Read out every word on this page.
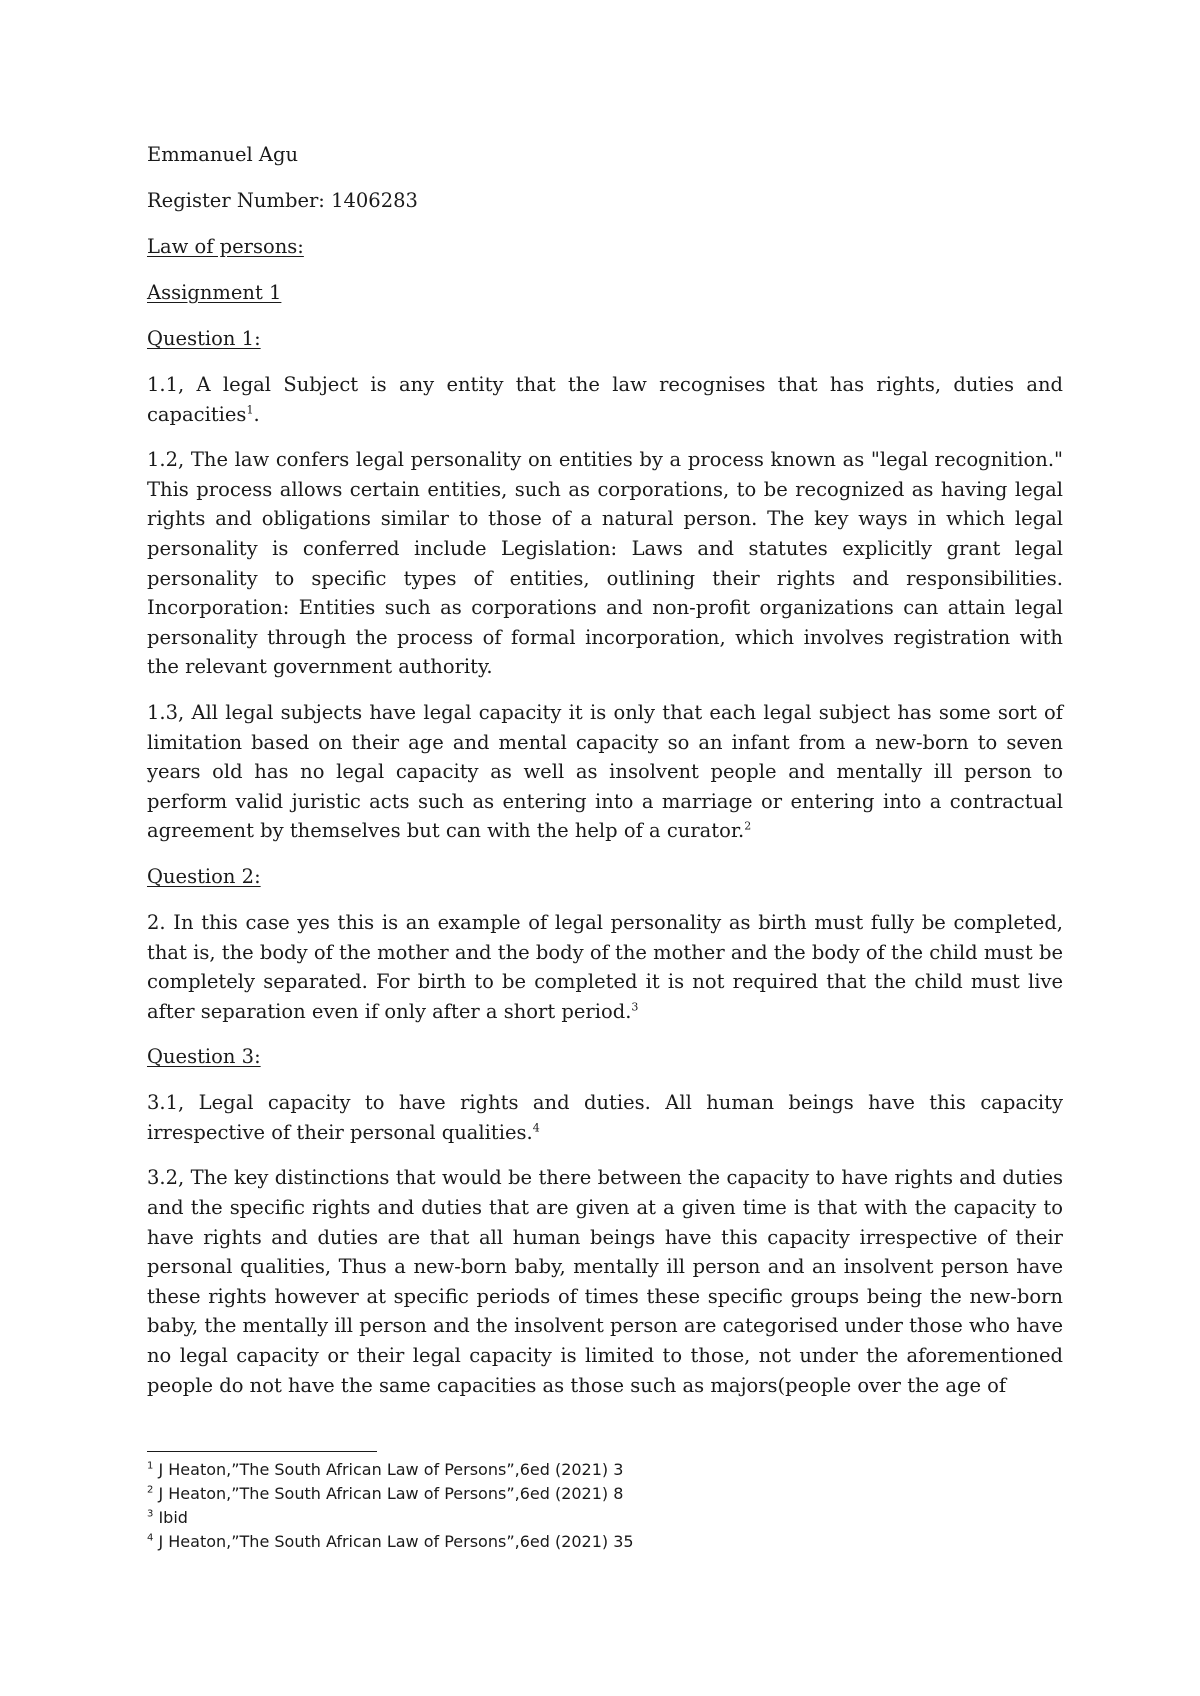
Emmanuel Agu

Register Number: 1406283

Law of persons:

Assignment 1

Question 1:

1.1, A legal Subject is any entity that the law recognises that has rights, duties and capacities$^1$.

1.2, The law confers legal personality on entities by a process known as "legal recognition." This process allows certain entities, such as corporations, to be recognized as having legal rights and obligations similar to those of a natural person. The key ways in which legal personality is conferred include Legislation: Laws and statutes explicitly grant legal personality to specific types of entities, outlining their rights and responsibilities. Incorporation: Entities such as corporations and non-profit organizations can attain legal personality through the process of formal incorporation, which involves registration with the relevant government authority.

1.3, All legal subjects have legal capacity it is only that each legal subject has some sort of limitation based on their age and mental capacity so an infant from a new-born to seven years old has no legal capacity as well as insolvent people and mentally ill person to perform valid juristic acts such as entering into a marriage or entering into a contractual agreement by themselves but can with the help of a curator.$^2$

Question 2:

2. In this case yes this is an example of legal personality as birth must fully be completed, that is, the body of the mother and the body of the mother and the body of the child must be completely separated. For birth to be completed it is not required that the child must live after separation even if only after a short period.$^3$

Question 3:

3.1, Legal capacity to have rights and duties. All human beings have this capacity irrespective of their personal qualities.$^4$

3.2, The key distinctions that would be there between the capacity to have rights and duties and the specific rights and duties that are given at a given time is that with the capacity to have rights and duties are that all human beings have this capacity irrespective of their personal qualities, Thus a new-born baby, mentally ill person and an insolvent person have these rights however at specific periods of times these specific groups being the new-born baby, the mentally ill person and the insolvent person are categorised under those who have no legal capacity or their legal capacity is limited to those, not under the aforementioned people do not have the same capacities as those such as majors(people over the age of

$^1$ J Heaton,”The South African Law of Persons”,6ed (2021) 3

$^2$ J Heaton,”The South African Law of Persons”,6ed (2021) 8

$^3$ Ibid

$^4$ J Heaton,”The South African Law of Persons”,6ed (2021) 35
